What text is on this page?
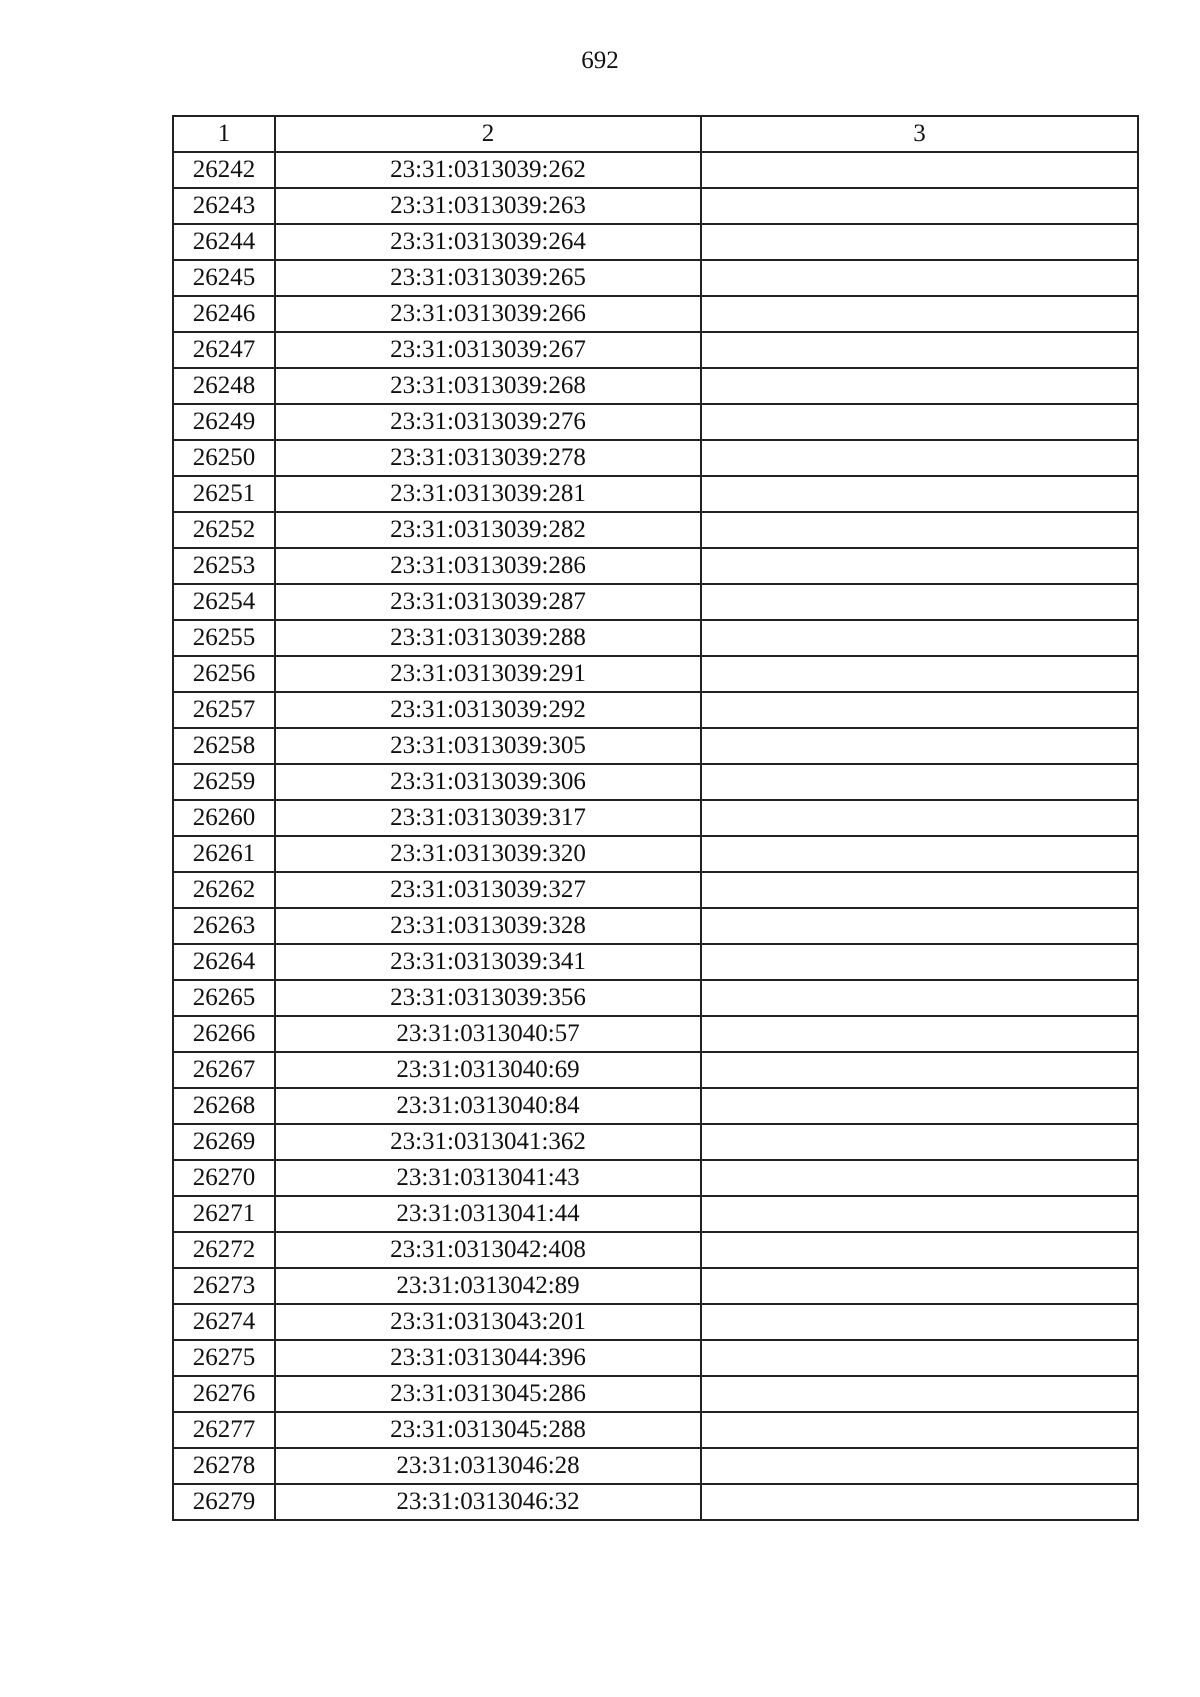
692
1	2	3
26242	23:31:0313039:262	
26243	23:31:0313039:263	
26244	23:31:0313039:264	
26245	23:31:0313039:265	
26246	23:31:0313039:266	
26247	23:31:0313039:267	
26248	23:31:0313039:268	
26249	23:31:0313039:276	
26250	23:31:0313039:278	
26251	23:31:0313039:281	
26252	23:31:0313039:282	
26253	23:31:0313039:286	
26254	23:31:0313039:287	
26255	23:31:0313039:288	
26256	23:31:0313039:291	
26257	23:31:0313039:292	
26258	23:31:0313039:305	
26259	23:31:0313039:306	
26260	23:31:0313039:317	
26261	23:31:0313039:320	
26262	23:31:0313039:327	
26263	23:31:0313039:328	
26264	23:31:0313039:341	
26265	23:31:0313039:356	
26266	23:31:0313040:57	
26267	23:31:0313040:69	
26268	23:31:0313040:84	
26269	23:31:0313041:362	
26270	23:31:0313041:43	
26271	23:31:0313041:44	
26272	23:31:0313042:408	
26273	23:31:0313042:89	
26274	23:31:0313043:201	
26275	23:31:0313044:396	
26276	23:31:0313045:286	
26277	23:31:0313045:288	
26278	23:31:0313046:28	
26279	23:31:0313046:32	
